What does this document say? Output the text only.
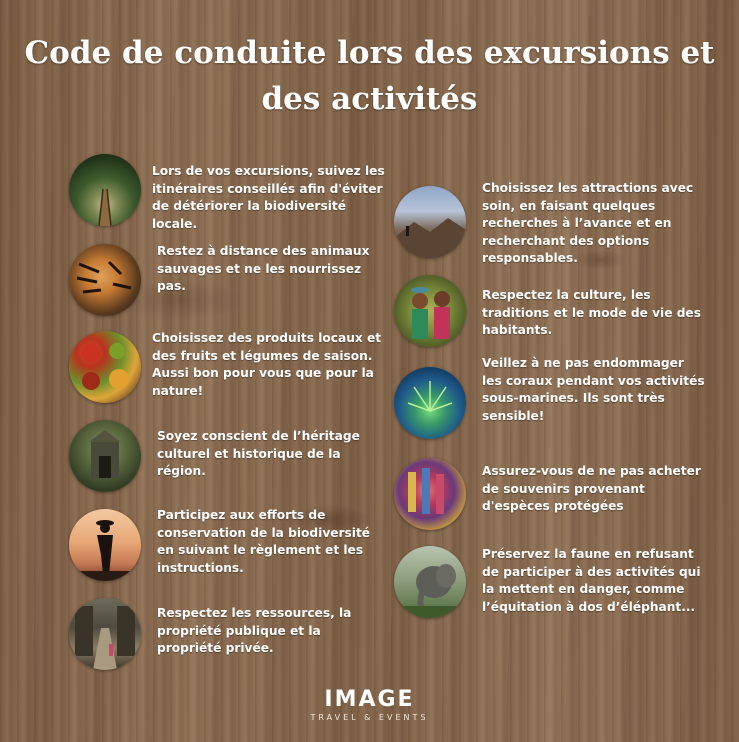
Code de conduite lors des excursions et des activités
Lors de vos excursions, suivez les itinéraires conseillés afin d'éviter de détériorer la biodiversité locale.
Restez à distance des animaux sauvages et ne les nourrissez pas.
Choisissez des produits locaux et des fruits et légumes de saison. Aussi bon pour vous que pour la nature!
Soyez conscient de l’héritage culturel et historique de la région.
Participez aux efforts de conservation de la biodiversité en suivant le règlement et les instructions.
Respectez les ressources, la propriété publique et la propriété privée.
Choisissez les attractions avec soin, en faisant quelques recherches à l’avance et en recherchant des options responsables.
Respectez la culture, les traditions et le mode de vie des habitants.
Veillez à ne pas endommager les coraux pendant vos activités sous-marines. Ils sont très sensible!
Assurez-vous de ne pas acheter de souvenirs provenant d'espèces protégées
Préservez la faune en refusant de participer à des activités qui la mettent en danger, comme l’équitation à dos d’éléphant...
IMAGE
TRAVEL & EVENTS
